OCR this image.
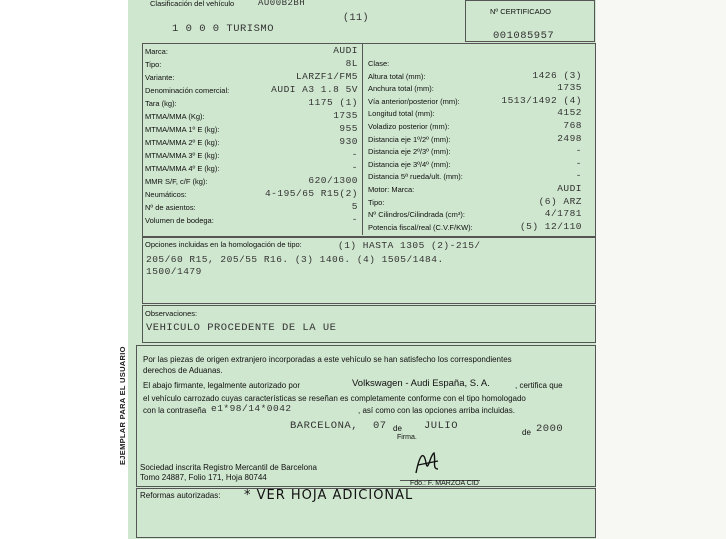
Clasificación del vehículo	AU00B2BH
1 0 0 0 TURISMO
(11)
Nº CERTIFICADO
001085957
Marca:	AUDI
Tipo:	8L
Variante:	LARZF1/FM5
Denominación comercial:	AUDI A3 1.8 5V
Tara (kg):	1175 (1)
MTMA/MMA (Kg):	1735
MTMA/MMA 1º E (kg):	955
MTMA/MMA 2º E (kg):	930
MTMA/MMA 3º E (kg):	-
MTMA/MMA 4º E (kg):	-
MMR S/F, c/F (kg):	620/1300
Neumáticos:	4-195/65 R15(2)
Nº de asientos:	5
Volumen de bodega:	-
Clase:
Altura total (mm):	1426 (3)
Anchura total (mm):	1735
Vía anterior/posterior (mm):	1513/1492 (4)
Longitud total (mm):	4152
Voladizo posterior (mm):	768
Distancia eje 1º/2º (mm):	2498
Distancia eje 2º/3º (mm):	-
Distancia eje 3º/4º (mm):	-
Distancia 5ª rueda/ult. (mm):	-
Motor: Marca:	AUDI
Tipo:	(6) ARZ
Nº Cilindros/Cilindrada (cm³):	4/1781
Potencia fiscal/real (C.V.F/KW):	(5) 12/110
Opciones incluidas en la homologación de tipo:	(1) HASTA 1305 (2)-215/
205/60 R15, 205/55 R16. (3) 1406. (4) 1505/1484.
1500/1479
Observaciones:
VEHICULO PROCEDENTE DE LA UE
Por las piezas de origen extranjero incorporadas a este vehículo se han satisfecho los correspondientes
derechos de Aduanas.
El abajo firmante, legalmente autorizado por	Volkswagen - Audi España, S. A.	, certifica que
el vehículo carrozado cuyas características se reseñan es completamente conforme con el tipo homologado
con la contraseña e1*98/14*0042	, así como con las opciones arriba incluidas.
BARCELONA, 07 de JULIO
de 2000
Firma.
Sociedad inscrita Registro Mercantil de Barcelona
Tomo 24887, Folio 171, Hoja 80744
Fdo.: F. MARZOA CID
Reformas autorizadas: * VER HOJA ADICIONAL
EJEMPLAR PARA EL USUARIO
